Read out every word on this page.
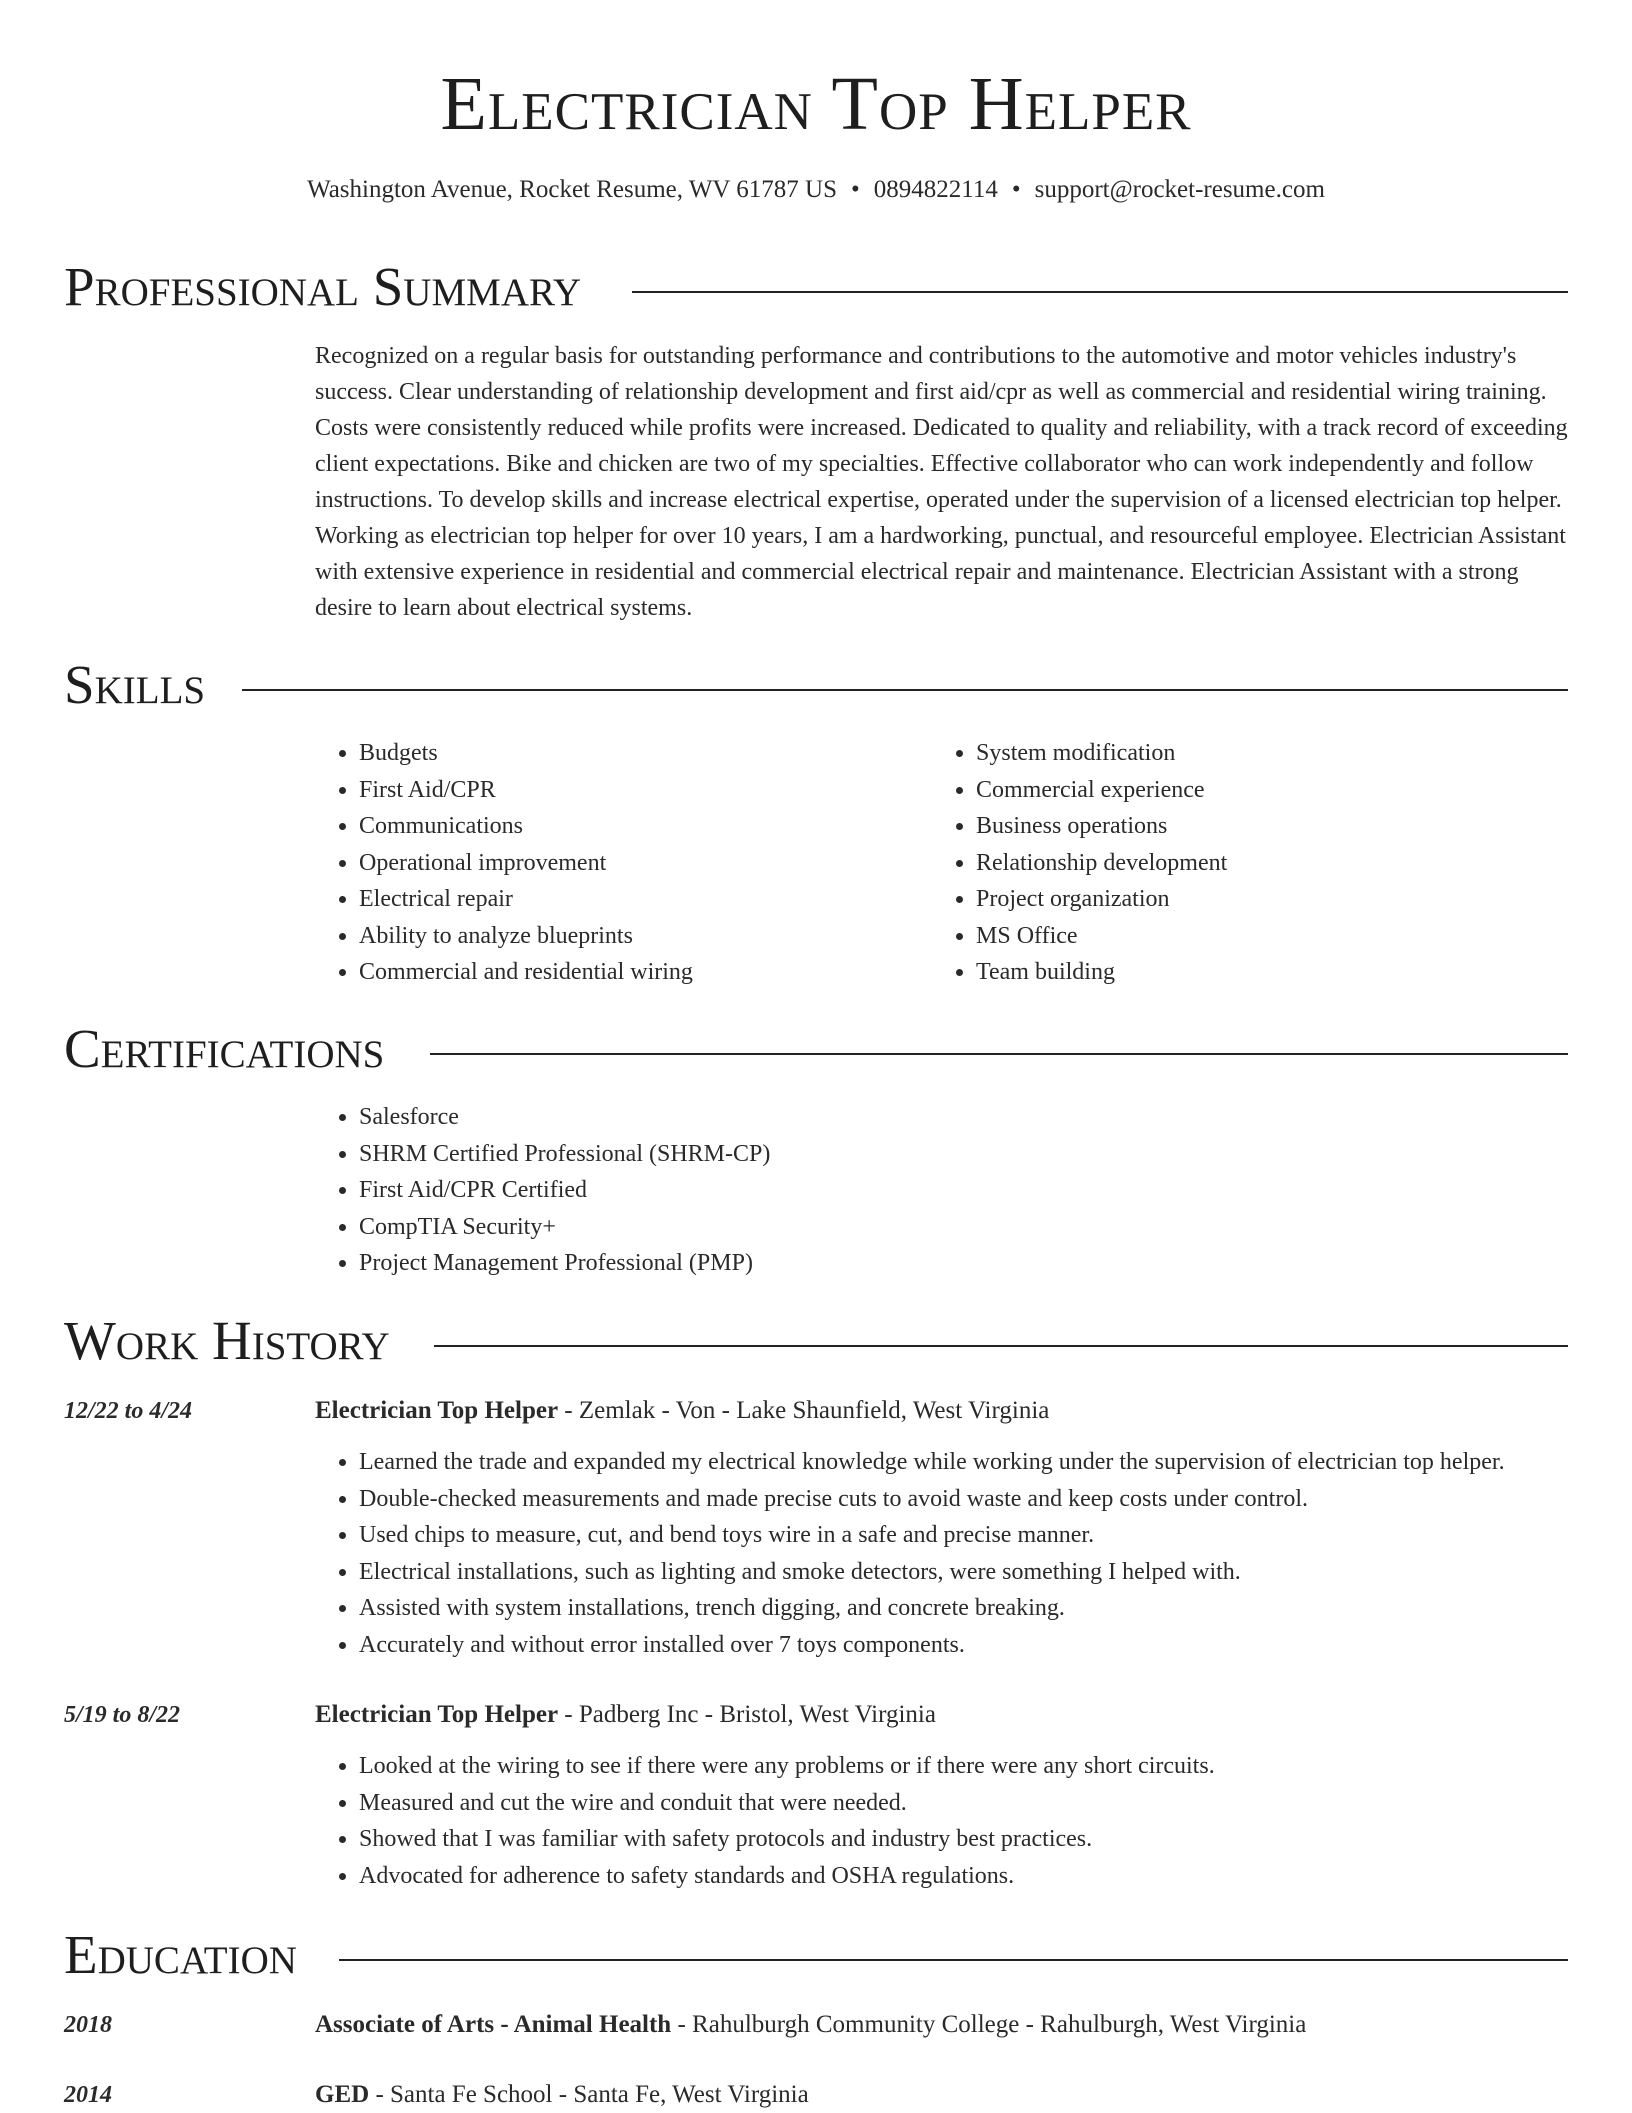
Electrician Top Helper
Washington Avenue, Rocket Resume, WV 61787 US • 0894822114 • support@rocket-resume.com
Professional Summary

Recognized on a regular basis for outstanding performance and contributions to the automotive and motor vehicles industry's success. Clear understanding of relationship development and first aid/cpr as well as commercial and residential wiring training. Costs were consistently reduced while profits were increased. Dedicated to quality and reliability, with a track record of exceeding client expectations. Bike and chicken are two of my specialties. Effective collaborator who can work independently and follow instructions. To develop skills and increase electrical expertise, operated under the supervision of a licensed electrician top helper. Working as electrician top helper for over 10 years, I am a hardworking, punctual, and resourceful employee. Electrician Assistant with extensive experience in residential and commercial electrical repair and maintenance. Electrician Assistant with a strong desire to learn about electrical systems.

Skills
• Budgets
• First Aid/CPR
• Communications
• Operational improvement
• Electrical repair
• Ability to analyze blueprints
• Commercial and residential wiring
• System modification
• Commercial experience
• Business operations
• Relationship development
• Project organization
• MS Office
• Team building
Certifications
• Salesforce
• SHRM Certified Professional (SHRM-CP)
• First Aid/CPR Certified
• CompTIA Security+
• Project Management Professional (PMP)
Work History
12/22 to 4/24	Electrician Top Helper - Zemlak - Von - Lake Shaunfield, West Virginia
• Learned the trade and expanded my electrical knowledge while working under the supervision of electrician top helper.
• Double-checked measurements and made precise cuts to avoid waste and keep costs under control.
• Used chips to measure, cut, and bend toys wire in a safe and precise manner.
• Electrical installations, such as lighting and smoke detectors, were something I helped with.
• Assisted with system installations, trench digging, and concrete breaking.
• Accurately and without error installed over 7 toys components.
5/19 to 8/22	Electrician Top Helper - Padberg Inc - Bristol, West Virginia
• Looked at the wiring to see if there were any problems or if there were any short circuits.
• Measured and cut the wire and conduit that were needed.
• Showed that I was familiar with safety protocols and industry best practices.
• Advocated for adherence to safety standards and OSHA regulations.
Education
2018	Associate of Arts - Animal Health - Rahulburgh Community College - Rahulburgh, West Virginia
2014	GED - Santa Fe School - Santa Fe, West Virginia
